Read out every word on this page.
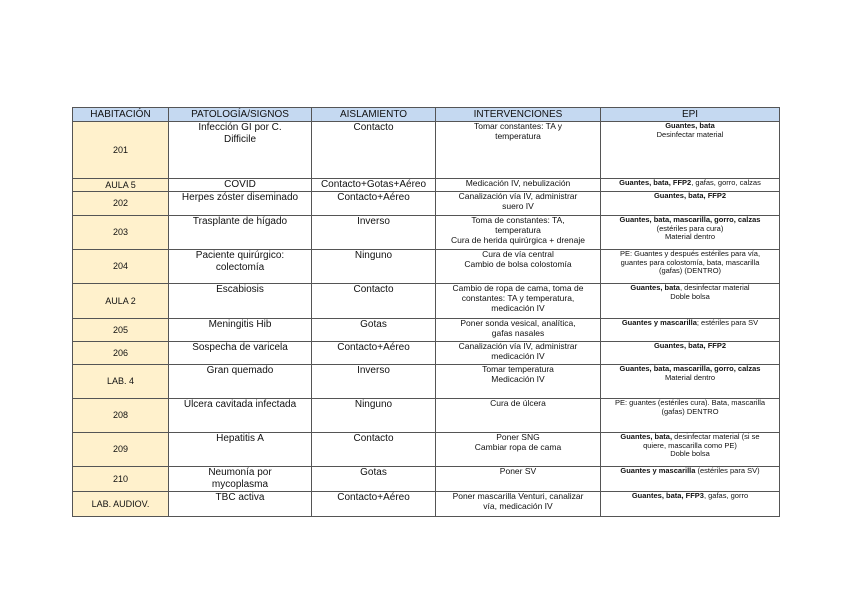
HABITACIÓN	PATOLOGÍA/SIGNOS	AISLAMIENTO	INTERVENCIONES	EPI
201	Infección GI por C.
Difficile	Contacto	Tomar constantes: TA y
temperatura	Guantes, bata
Desinfectar material

AULA 5	COVID	Contacto+Gotas+Aéreo	Medicación IV, nebulización	Guantes, bata, FFP2, gafas, gorro, calzas
202	Herpes zóster diseminado	Contacto+Aéreo	Canalización vía IV, administrar
suero IV	Guantes, bata, FFP2
203	Trasplante de hígado	Inverso	Toma de constantes: TA,
temperatura
Cura de herida quirúrgica + drenaje	Guantes, bata, mascarilla, gorro, calzas
(estériles para cura)
Material dentro

204	Paciente quirúrgico:
colectomía	Ninguno	Cura de vía central
Cambio de bolsa colostomía	PE: Guantes y después estériles para vía,
guantes para colostomía, bata, mascarilla
(gafas) (DENTRO)

AULA 2	Escabiosis	Contacto	Cambio de ropa de cama, toma de
constantes: TA y temperatura,
medicación IV	Guantes, bata, desinfectar material
Doble bolsa

205	Meningitis Hib	Gotas	Poner sonda vesical, analítica,
gafas nasales	Guantes y mascarilla; estériles para SV
206	Sospecha de varicela	Contacto+Aéreo	Canalización vía IV, administrar
medicación IV	Guantes, bata, FFP2
LAB. 4	Gran quemado	Inverso	Tomar temperatura
Medicación IV	Guantes, bata, mascarilla, gorro, calzas
Material dentro

208	Úlcera cavitada infectada	Ninguno	Cura de úlcera	PE: guantes (estériles cura). Bata, mascarilla
(gafas) DENTRO

209	Hepatitis A	Contacto	Poner SNG
Cambiar ropa de cama	Guantes, bata, desinfectar material (si se
quiere, mascarilla como PE)
Doble bolsa

210	Neumonía por
mycoplasma	Gotas	Poner SV	Guantes y mascarilla (estériles para SV)
LAB. AUDIOV.	TBC activa	Contacto+Aéreo	Poner mascarilla Venturi, canalizar
vía, medicación IV	Guantes, bata, FFP3, gafas, gorro
